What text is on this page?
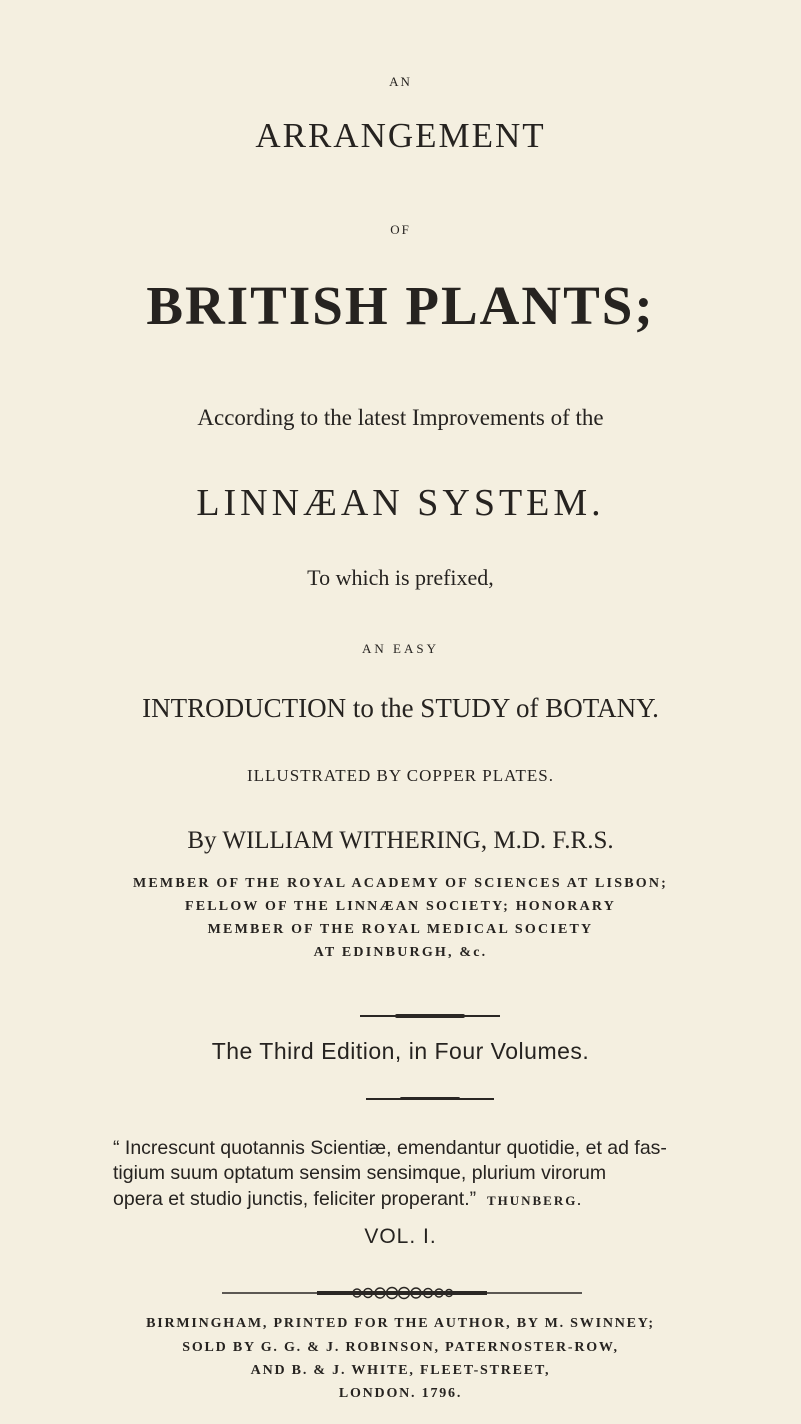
AN

ARRANGEMENT

OF

BRITISH PLANTS;

According to the latest Improvements of the

LINNÆAN SYSTEM.

To which is prefixed,

AN EASY

INTRODUCTION to the STUDY of BOTANY.

ILLUSTRATED BY COPPER PLATES.

By WILLIAM WITHERING, M.D. F.R.S.

MEMBER OF THE ROYAL ACADEMY OF SCIENCES AT LISBON;

FELLOW OF THE LINNÆAN SOCIETY; HONORARY

MEMBER OF THE ROYAL MEDICAL SOCIETY

AT EDINBURGH, &c.

The Third Edition, in Four Volumes.

“ Increscunt quotannis Scientiæ, emendantur quotidie, et ad fas-

tigium suum optatum sensim sensimque, plurium virorum

opera et studio junctis, feliciter properant.” THUNBERG.

VOL. I.

BIRMINGHAM, PRINTED FOR THE AUTHOR, BY M. SWINNEY;

SOLD BY G. G. & J. ROBINSON, PATERNOSTER-ROW,

AND B. & J. WHITE, FLEET-STREET,

LONDON. 1796.
